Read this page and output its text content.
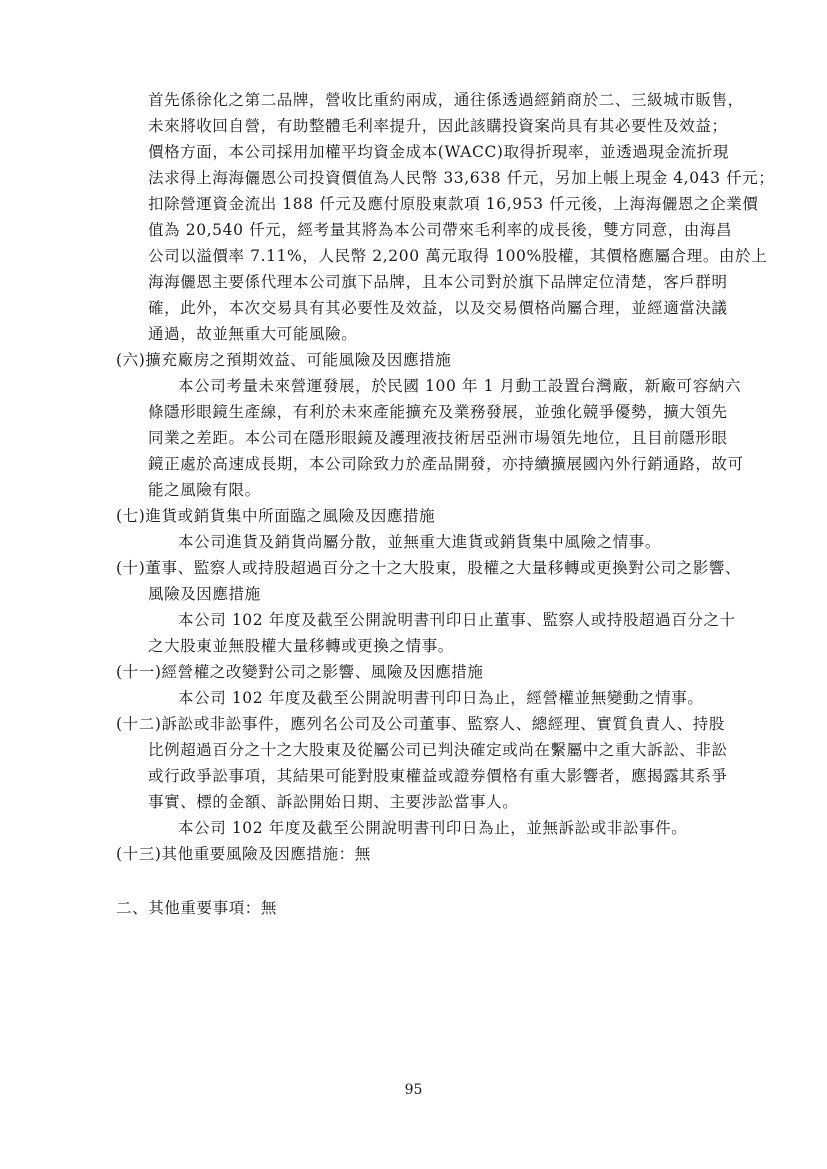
首先係徐化之第二品牌，營收比重約兩成，通往係透過經銷商於二、三級城市販售，
未來將收回自營，有助整體毛利率提升，因此該購投資案尚具有其必要性及效益；
價格方面，本公司採用加權平均資金成本(WACC)取得折現率，並透過現金流折現
法求得上海海儷恩公司投資價值為人民幣 33,638 仟元，另加上帳上現金 4,043 仟元；
扣除營運資金流出 188 仟元及應付原股東款項 16,953 仟元後，上海海儷恩之企業價
值為 20,540 仟元，經考量其將為本公司帶來毛利率的成長後，雙方同意，由海昌
公司以溢價率 7.11%，人民幣 2,200 萬元取得 100%股權，其價格應屬合理。由於上
海海儷恩主要係代理本公司旗下品牌，且本公司對於旗下品牌定位清楚，客戶群明
確，此外，本次交易具有其必要性及效益，以及交易價格尚屬合理，並經適當決議
通過，故並無重大可能風險。
(六)擴充廠房之預期效益、可能風險及因應措施
本公司考量未來營運發展，於民國 100 年 1 月動工設置台灣廠，新廠可容納六
條隱形眼鏡生產線，有利於未來產能擴充及業務發展，並強化競爭優勢，擴大領先
同業之差距。本公司在隱形眼鏡及護理液技術居亞洲市場領先地位，且目前隱形眼
鏡正處於高速成長期，本公司除致力於產品開發，亦持續擴展國內外行銷通路，故可
能之風險有限。
(七)進貨或銷貨集中所面臨之風險及因應措施
本公司進貨及銷貨尚屬分散，並無重大進貨或銷貨集中風險之情事。
(十)董事、監察人或持股超過百分之十之大股東，股權之大量移轉或更換對公司之影響、
風險及因應措施
本公司 102 年度及截至公開說明書刊印日止董事、監察人或持股超過百分之十
之大股東並無股權大量移轉或更換之情事。
(十一)經營權之改變對公司之影響、風險及因應措施
本公司 102 年度及截至公開說明書刊印日為止，經營權並無變動之情事。
(十二)訴訟或非訟事件，應列名公司及公司董事、監察人、總經理、實質負責人、持股
比例超過百分之十之大股東及從屬公司已判決確定或尚在繫屬中之重大訴訟、非訟
或行政爭訟事項，其結果可能對股東權益或證券價格有重大影響者，應揭露其系爭
事實、標的金額、訴訟開始日期、主要涉訟當事人。
本公司 102 年度及截至公開說明書刊印日為止，並無訴訟或非訟事件。
(十三)其他重要風險及因應措施：無
二、其他重要事項：無
95
